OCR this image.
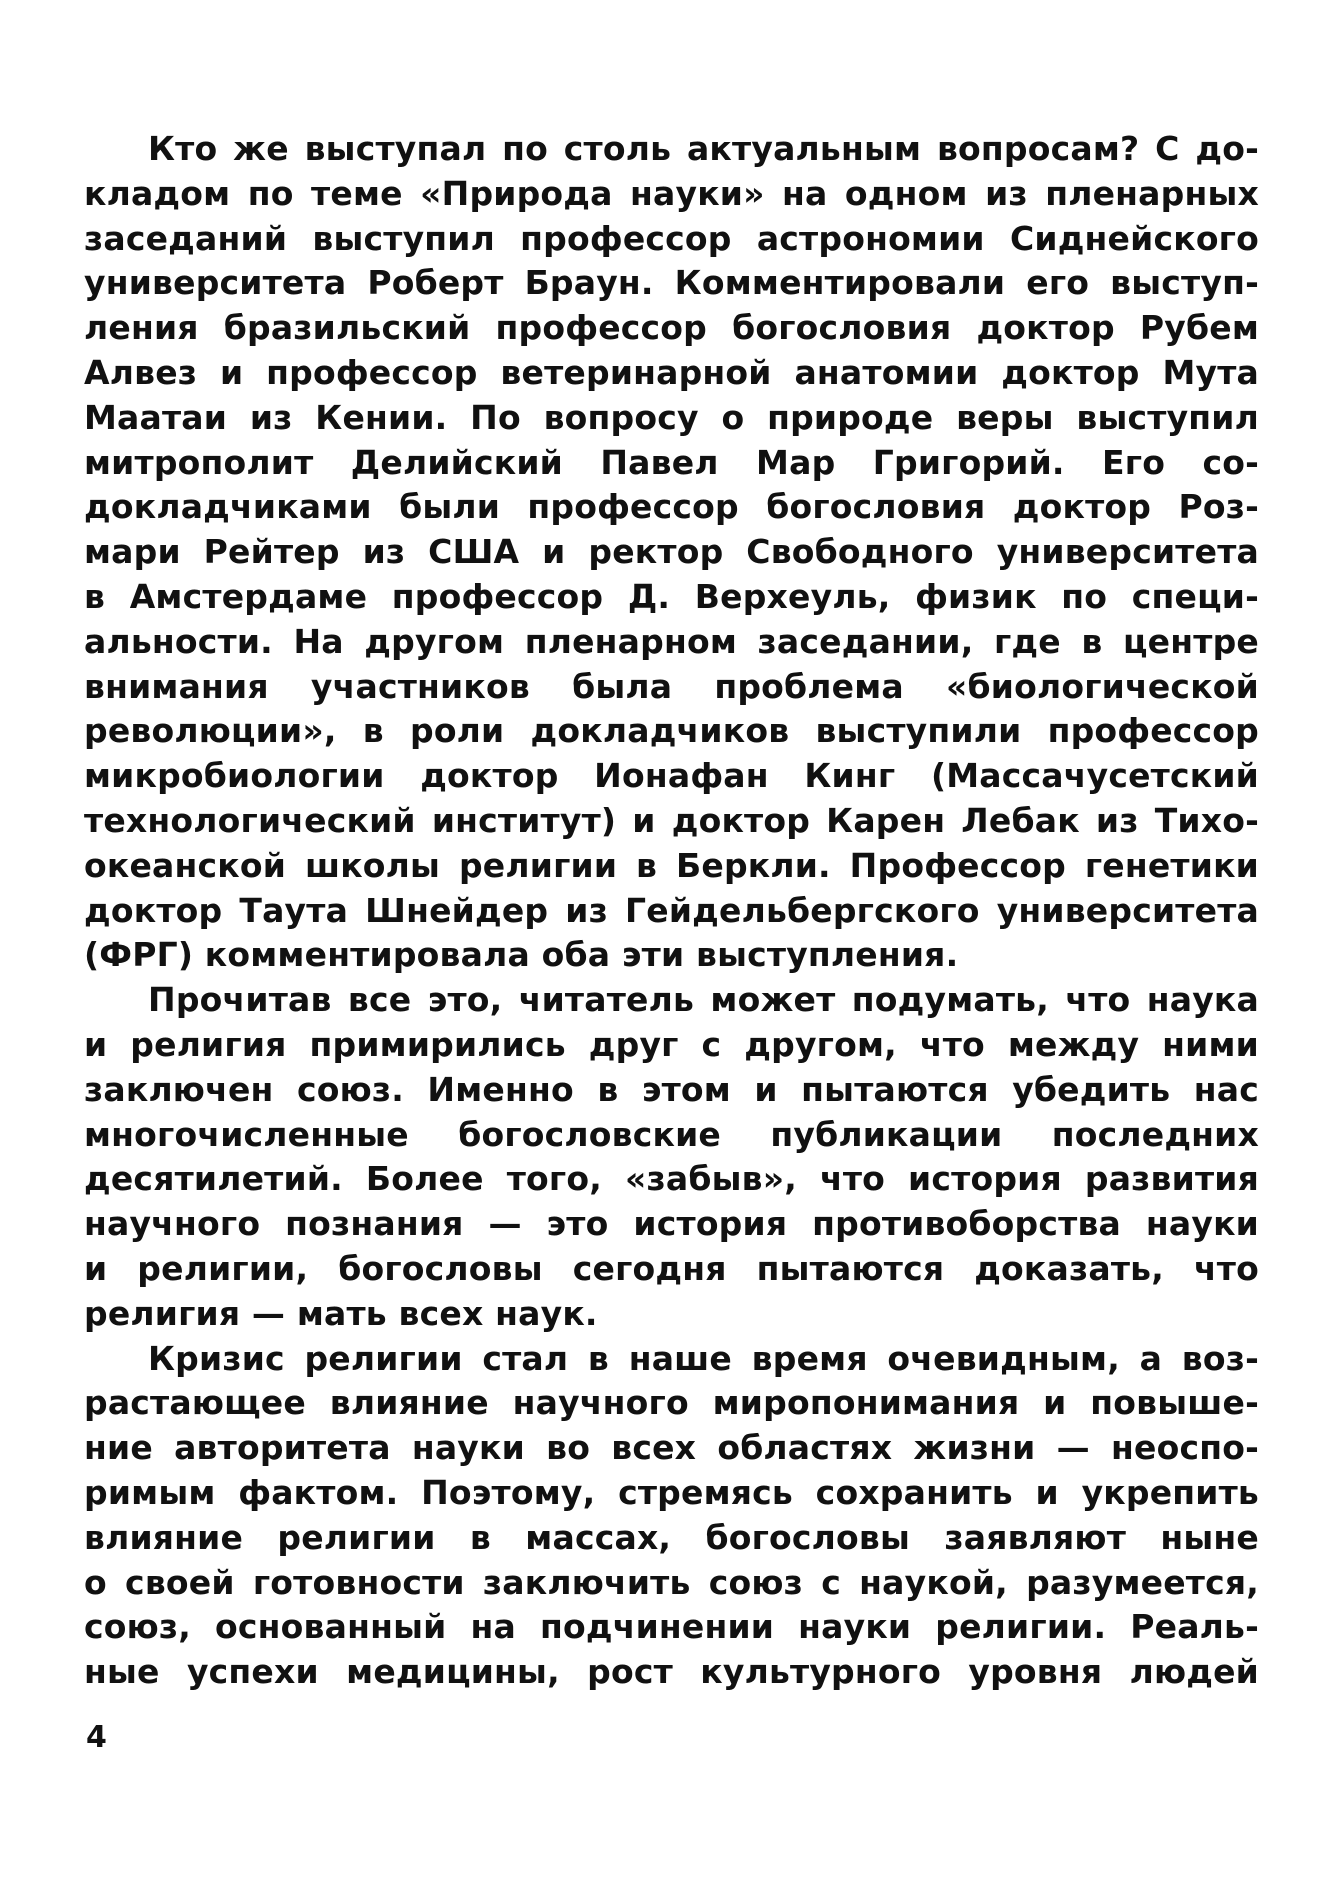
Кто же выступал по столь актуальным вопросам? С до-
кладом по теме «Природа науки» на одном из пленарных
заседаний выступил профессор астрономии Сиднейского
университета Роберт Браун. Комментировали его выступ-
ления бразильский профессор богословия доктор Рубем
Алвез и профессор ветеринарной анатомии доктор Мута
Маатаи из Кении. По вопросу о природе веры выступил
митрополит Делийский Павел Мар Григорий. Его со-
докладчиками были профессор богословия доктор Роз-
мари Рейтер из США и ректор Свободного университета
в Амстердаме профессор Д. Верхеуль, физик по специ-
альности. На другом пленарном заседании, где в центре
внимания участников была проблема «биологической
революции», в роли докладчиков выступили профессор
микробиологии доктор Ионафан Кинг (Массачусетский
технологический институт) и доктор Карен Лебак из Тихо-
океанской школы религии в Беркли. Профессор генетики
доктор Таута Шнейдер из Гейдельбергского университета
(ФРГ) комментировала оба эти выступления.
Прочитав все это, читатель может подумать, что наука
и религия примирились друг с другом, что между ними
заключен союз. Именно в этом и пытаются убедить нас
многочисленные богословские публикации последних
десятилетий. Более того, «забыв», что история развития
научного познания — это история противоборства науки
и религии, богословы сегодня пытаются доказать, что
религия — мать всех наук.
Кризис религии стал в наше время очевидным, а воз-
растающее влияние научного миропонимания и повыше-
ние авторитета науки во всех областях жизни — неоспо-
римым фактом. Поэтому, стремясь сохранить и укрепить
влияние религии в массах, богословы заявляют ныне
о своей готовности заключить союз с наукой, разумеется,
союз, основанный на подчинении науки религии. Реаль-
ные успехи медицины, рост культурного уровня людей
4
